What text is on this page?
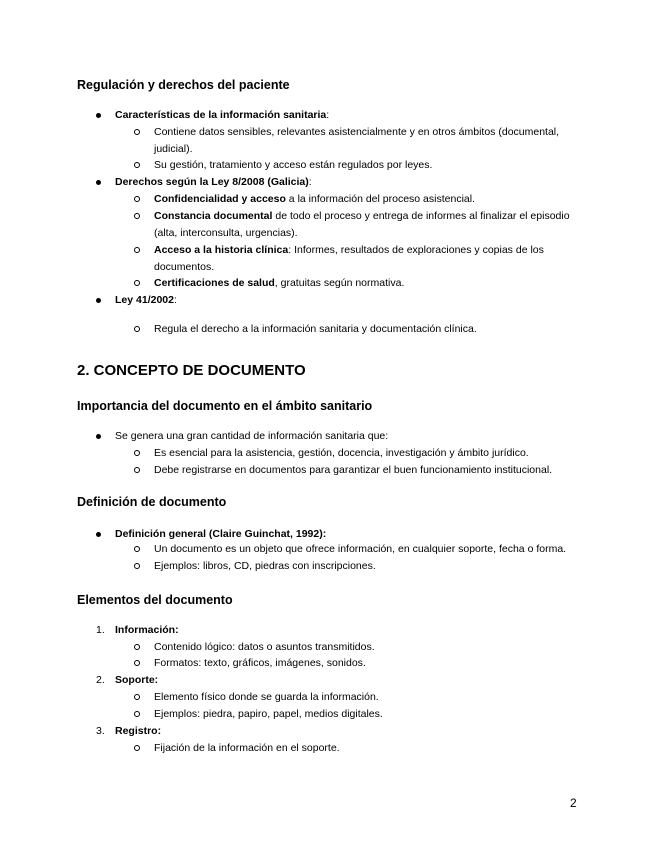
Regulación y derechos del paciente
Características de la información sanitaria:
Contiene datos sensibles, relevantes asistencialmente y en otros ámbitos (documental,
judicial).
Su gestión, tratamiento y acceso están regulados por leyes.
Derechos según la Ley 8/2008 (Galicia):
Confidencialidad y acceso a la información del proceso asistencial.
Constancia documental de todo el proceso y entrega de informes al finalizar el episodio
(alta, interconsulta, urgencias).
Acceso a la historia clínica: Informes, resultados de exploraciones y copias de los
documentos.
Certificaciones de salud, gratuitas según normativa.
Ley 41/2002:
Regula el derecho a la información sanitaria y documentación clínica.
2. CONCEPTO DE DOCUMENTO
Importancia del documento en el ámbito sanitario
Se genera una gran cantidad de información sanitaria que:
Es esencial para la asistencia, gestión, docencia, investigación y ámbito jurídico.
Debe registrarse en documentos para garantizar el buen funcionamiento institucional.
Definición de documento
Definición general (Claire Guinchat, 1992):
Un documento es un objeto que ofrece información, en cualquier soporte, fecha o forma.
Ejemplos: libros, CD, piedras con inscripciones.
Elementos del documento
1. Información:
Contenido lógico: datos o asuntos transmitidos.
Formatos: texto, gráficos, imágenes, sonidos.
2. Soporte:
Elemento físico donde se guarda la información.
Ejemplos: piedra, papiro, papel, medios digitales.
3. Registro:
Fijación de la información en el soporte.
2
